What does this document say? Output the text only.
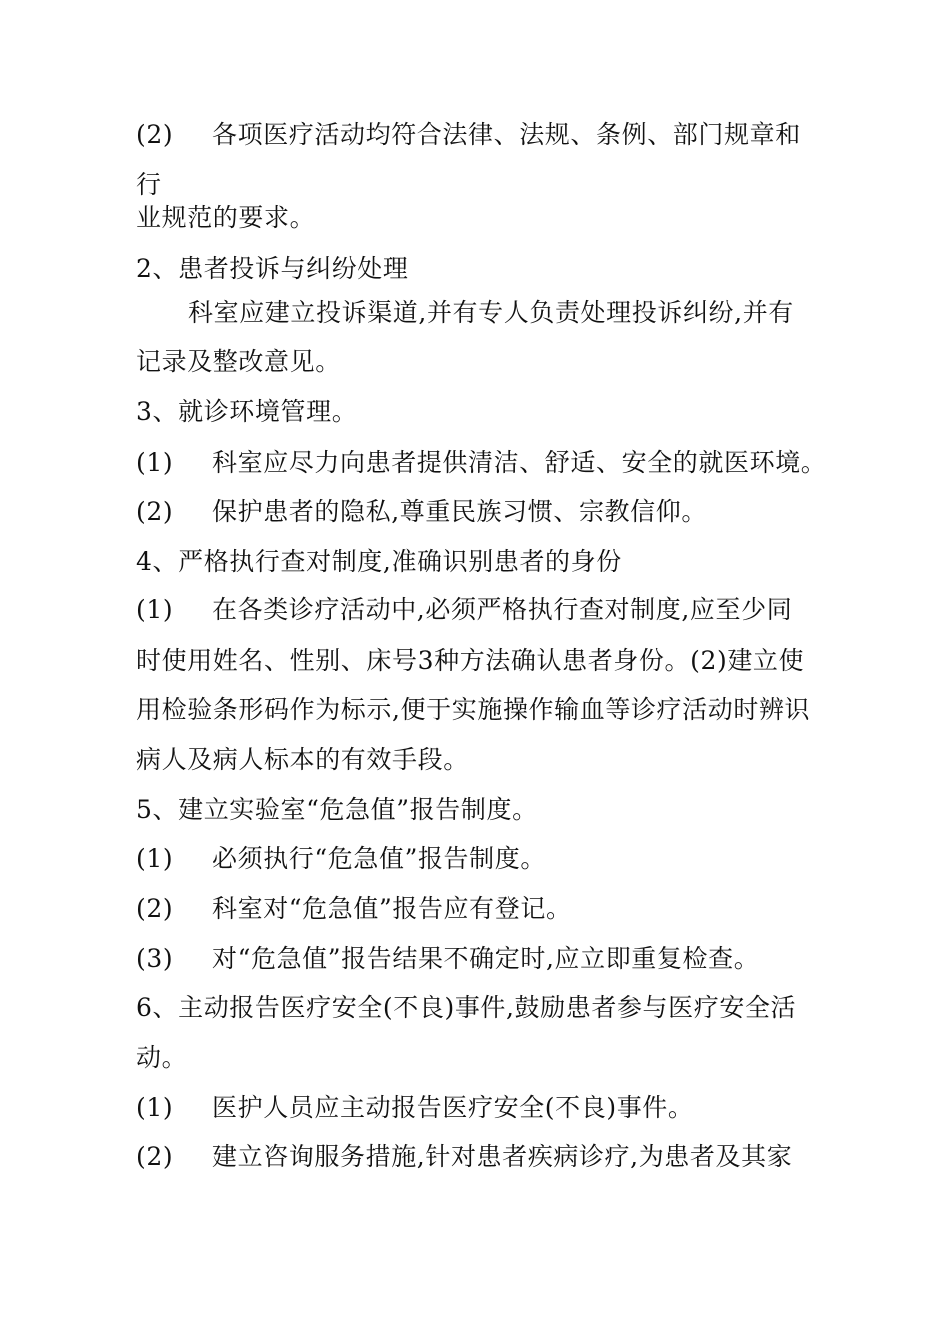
(2) 各项医疗活动均符合法律、法规、条例、部门规章和
行
业规范的要求。
2、患者投诉与纠纷处理
科室应建立投诉渠道,并有专人负责处理投诉纠纷,并有
记录及整改意见。
3、就诊环境管理。
(1) 科室应尽力向患者提供清洁、舒适、安全的就医环境。
(2) 保护患者的隐私,尊重民族习惯、宗教信仰。
4、严格执行查对制度,准确识别患者的身份
(1) 在各类诊疗活动中,必须严格执行查对制度,应至少同
时使用姓名、性别、床号3种方法确认患者身份。(2)建立使
用检验条形码作为标示,便于实施操作输血等诊疗活动时辨识
病人及病人标本的有效手段。
5、建立实验室“危急值”报告制度。
(1) 必须执行“危急值”报告制度。
(2) 科室对“危急值”报告应有登记。
(3) 对“危急值”报告结果不确定时,应立即重复检查。
6、主动报告医疗安全(不良)事件,鼓励患者参与医疗安全活
动。
(1) 医护人员应主动报告医疗安全(不良)事件。
(2) 建立咨询服务措施,针对患者疾病诊疗,为患者及其家
